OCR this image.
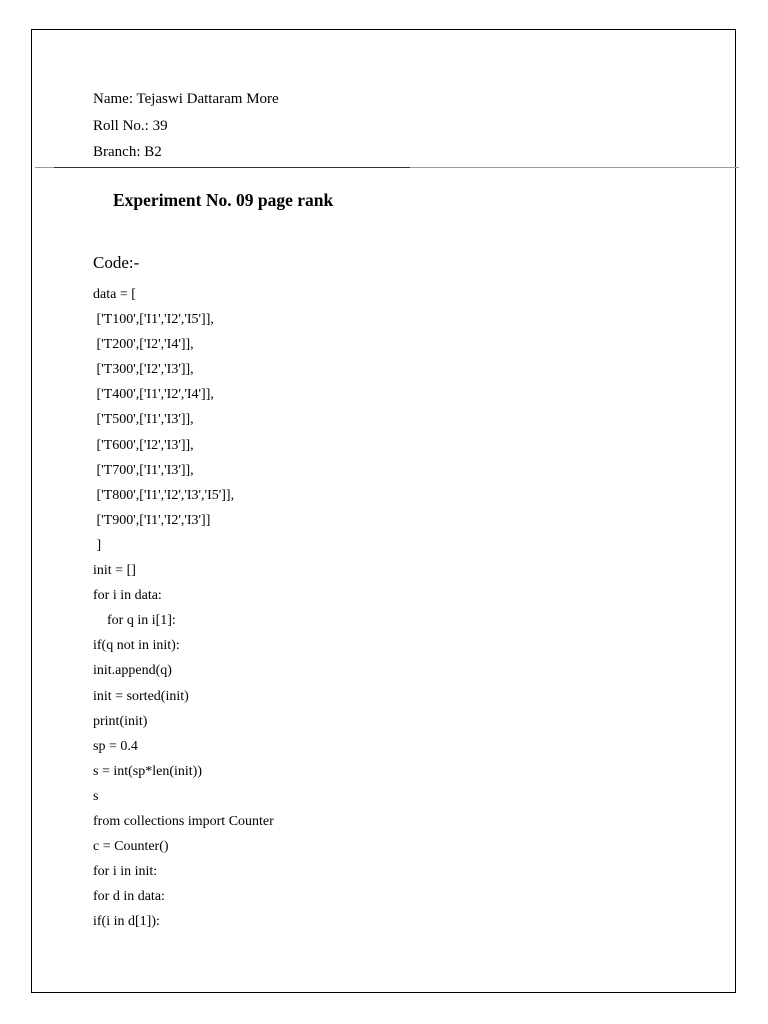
Name: Tejaswi Dattaram More
Roll No.: 39
Branch: B2
Experiment No. 09 page rank
Code:-
data = [
['T100',['I1','I2','I5']],
['T200',['I2','I4']],
['T300',['I2','I3']],
['T400',['I1','I2','I4']],
['T500',['I1','I3']],
['T600',['I2','I3']],
['T700',['I1','I3']],
['T800',['I1','I2','I3','I5']],
['T900',['I1','I2','I3']]
]
init = []
for i in data:
for q in i[1]:
if(q not in init):
init.append(q)
init = sorted(init)
print(init)
sp = 0.4
s = int(sp*len(init))
s
from collections import Counter
c = Counter()
for i in init:
for d in data:
if(i in d[1]):
